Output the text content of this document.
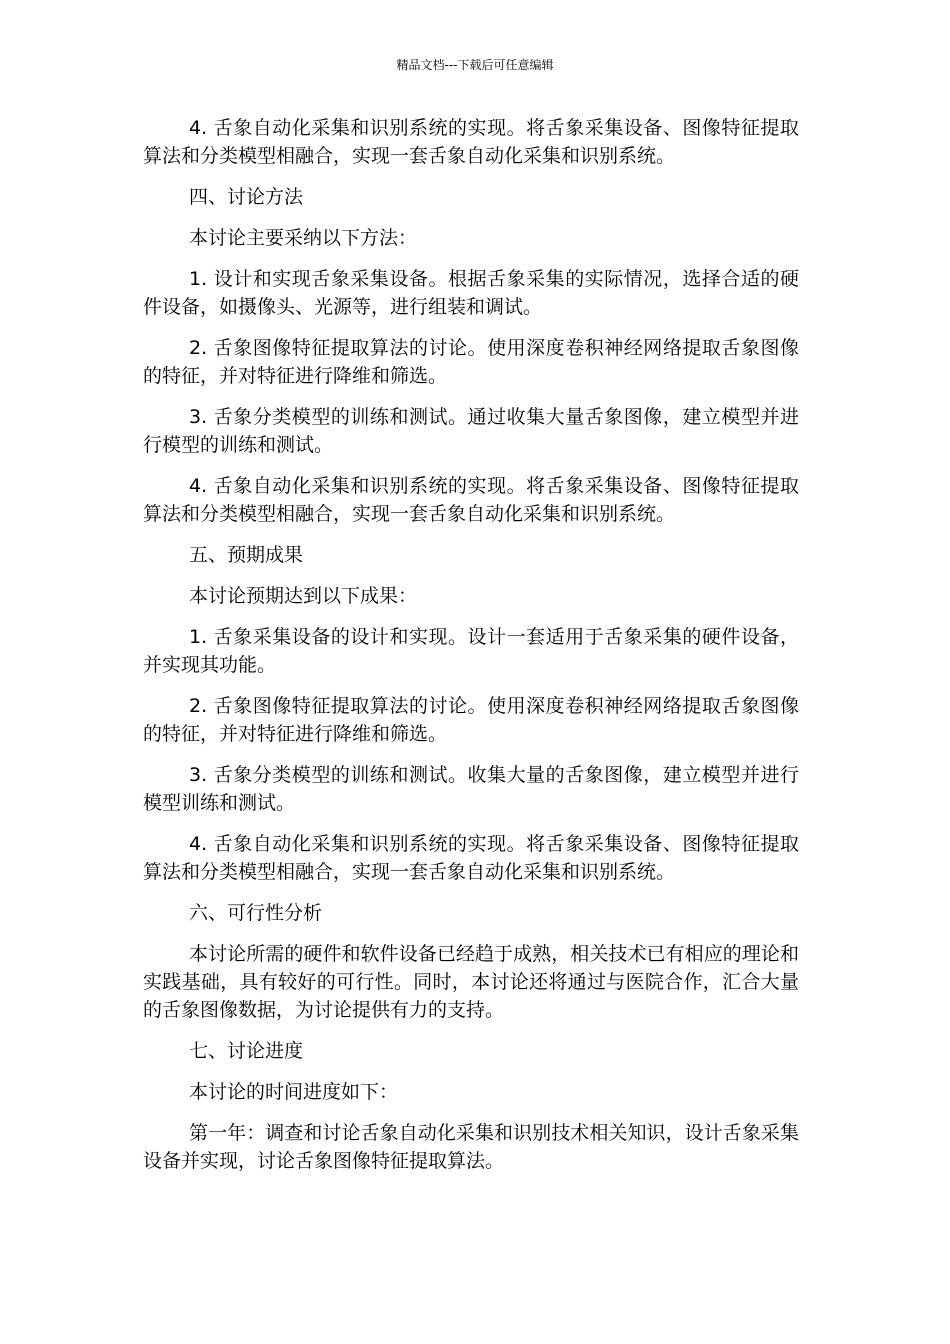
精品文档---下载后可任意编辑

4. 舌象自动化采集和识别系统的实现。将舌象采集设备、图像特征提取算法和分类模型相融合，实现一套舌象自动化采集和识别系统。

四、讨论方法

本讨论主要采纳以下方法：

1. 设计和实现舌象采集设备。根据舌象采集的实际情况，选择合适的硬件设备，如摄像头、光源等，进行组装和调试。

2. 舌象图像特征提取算法的讨论。使用深度卷积神经网络提取舌象图像的特征，并对特征进行降维和筛选。

3. 舌象分类模型的训练和测试。通过收集大量舌象图像，建立模型并进行模型的训练和测试。

4. 舌象自动化采集和识别系统的实现。将舌象采集设备、图像特征提取算法和分类模型相融合，实现一套舌象自动化采集和识别系统。

五、预期成果

本讨论预期达到以下成果：

1. 舌象采集设备的设计和实现。设计一套适用于舌象采集的硬件设备，并实现其功能。

2. 舌象图像特征提取算法的讨论。使用深度卷积神经网络提取舌象图像的特征，并对特征进行降维和筛选。

3. 舌象分类模型的训练和测试。收集大量的舌象图像，建立模型并进行模型训练和测试。

4. 舌象自动化采集和识别系统的实现。将舌象采集设备、图像特征提取算法和分类模型相融合，实现一套舌象自动化采集和识别系统。

六、可行性分析

本讨论所需的硬件和软件设备已经趋于成熟，相关技术已有相应的理论和实践基础，具有较好的可行性。同时，本讨论还将通过与医院合作，汇合大量的舌象图像数据，为讨论提供有力的支持。

七、讨论进度

本讨论的时间进度如下：

第一年：调查和讨论舌象自动化采集和识别技术相关知识，设计舌象采集设备并实现，讨论舌象图像特征提取算法。
